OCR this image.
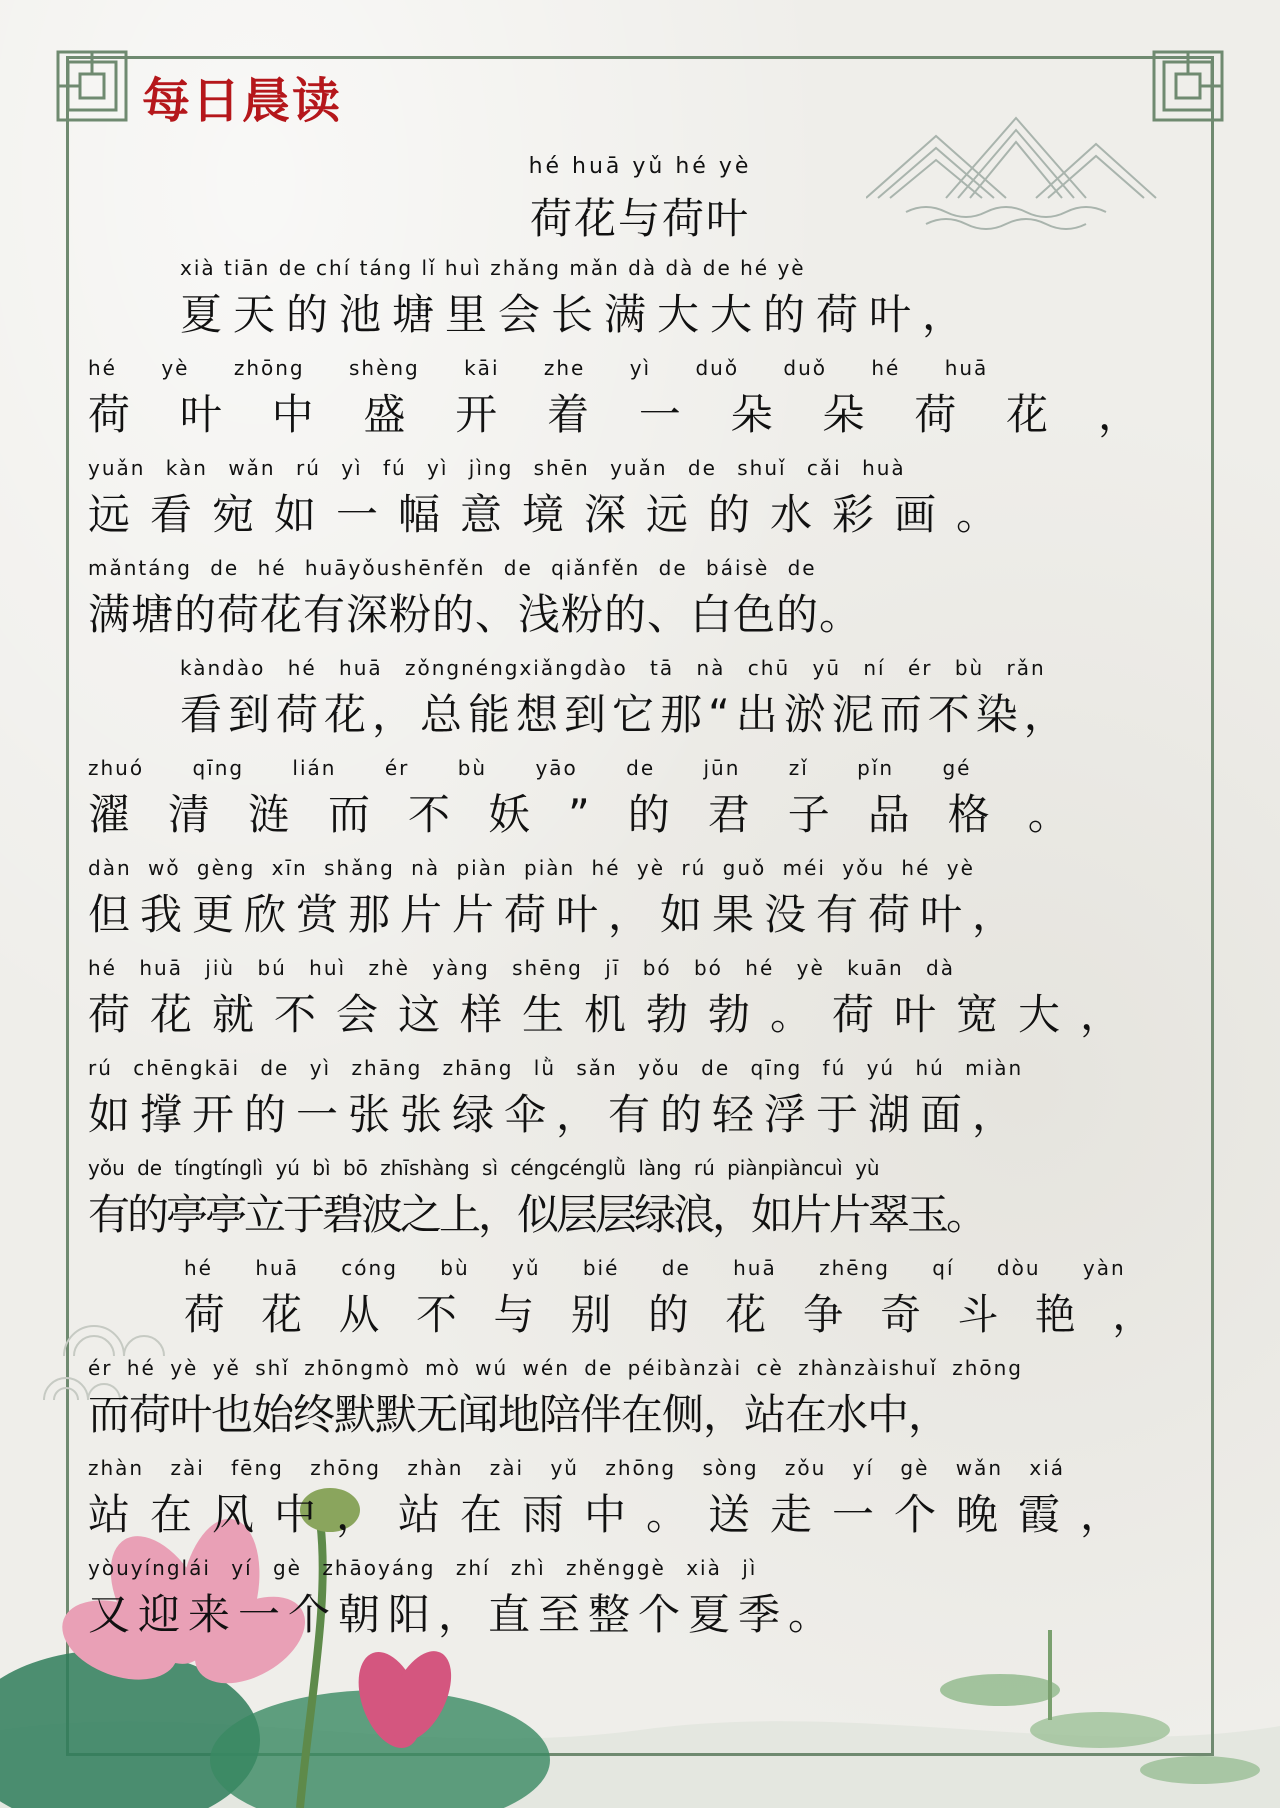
每日晨读
hé huā yǔ hé yè
荷花与荷叶
xià tiān de chí táng lǐ huì zhǎng mǎn dà dà de hé yè
夏天的池塘里会长满大大的荷叶，
hé yè zhōng shèng kāi zhe yì duǒ duǒ hé huā
荷叶中盛开着一朵朵荷花，
yuǎn kàn wǎn rú yì fú yì jìng shēn yuǎn de shuǐ cǎi huà
远看宛如一幅意境深远的水彩画。
mǎntáng de hé huāyǒushēnfěn de qiǎnfěn de báisè de
满塘的荷花有深粉的、浅粉的、白色的。
kàndào hé huā zǒngnéngxiǎngdào tā nà chū yū ní ér bù rǎn
看到荷花，总能想到它那“出淤泥而不染，
zhuó qīng lián ér bù yāo de jūn zǐ pǐn gé
濯清涟而不妖”的君子品格。
dàn wǒ gèng xīn shǎng nà piàn piàn hé yè rú guǒ méi yǒu hé yè
但我更欣赏那片片荷叶，如果没有荷叶，
hé huā jiù bú huì zhè yàng shēng jī bó bó hé yè kuān dà
荷花就不会这样生机勃勃。荷叶宽大，
rú chēngkāi de yì zhāng zhāng lǜ sǎn yǒu de qīng fú yú hú miàn
如撑开的一张张绿伞，有的轻浮于湖面，
yǒu de tíngtínglì yú bì bō zhīshàng sì céngcénglǜ làng rú piànpiàncuì yù
有的亭亭立于碧波之上，似层层绿浪，如片片翠玉。
hé huā cóng bù yǔ bié de huā zhēng qí dòu yàn
荷花从不与别的花争奇斗艳，
ér hé yè yě shǐ zhōngmò mò wú wén de péibànzài cè zhànzàishuǐ zhōng
而荷叶也始终默默无闻地陪伴在侧，站在水中，
zhàn zài fēng zhōng zhàn zài yǔ zhōng sòng zǒu yí gè wǎn xiá
站在风中，站在雨中。送走一个晚霞，
yòuyínglái yí gè zhāoyáng zhí zhì zhěnggè xià jì
又迎来一个朝阳，直至整个夏季。
